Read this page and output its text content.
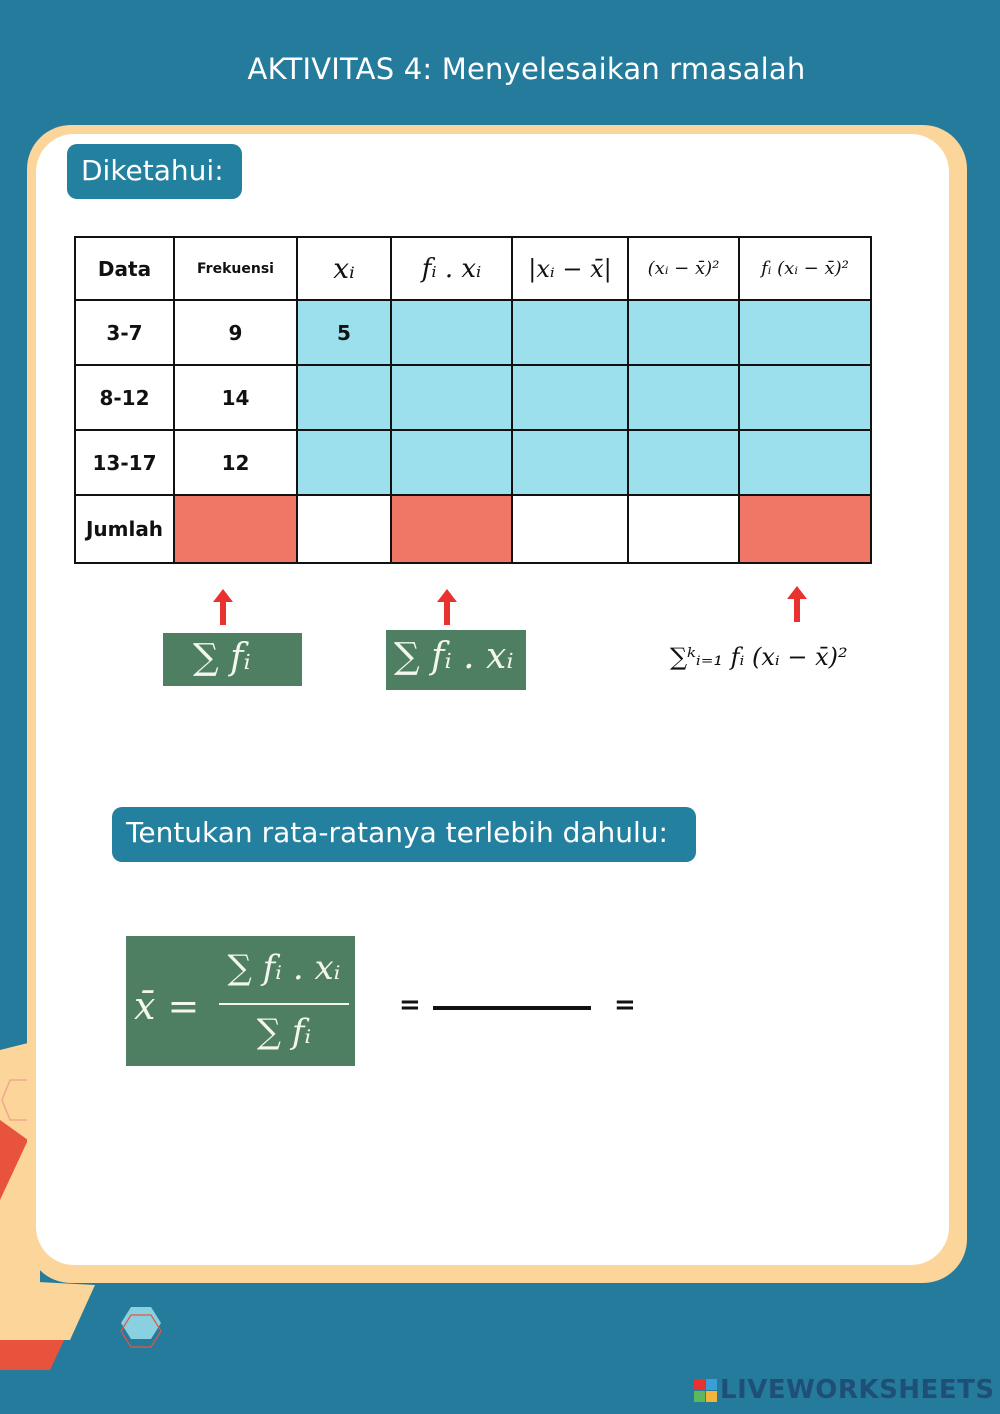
AKTIVITAS 4: Menyelesaikan rmasalah
Diketahui:
Data	Frekuensi	xᵢ	fᵢ . xᵢ	|xᵢ − x̄|	(xᵢ − x̄)²	fᵢ (xᵢ − x̄)²
3-7	9	5				
8-12	14					
13-17	12					
Jumlah						
∑ fᵢ	∑ fᵢ . xᵢ	∑ᵏᵢ₌₁ fᵢ (xᵢ − x̄)²
Tentukan rata-ratanya terlebih dahulu:
x̄ =
∑ fᵢ . xᵢ
∑ fᵢ
=	=
LIVEWORKSHEETS
